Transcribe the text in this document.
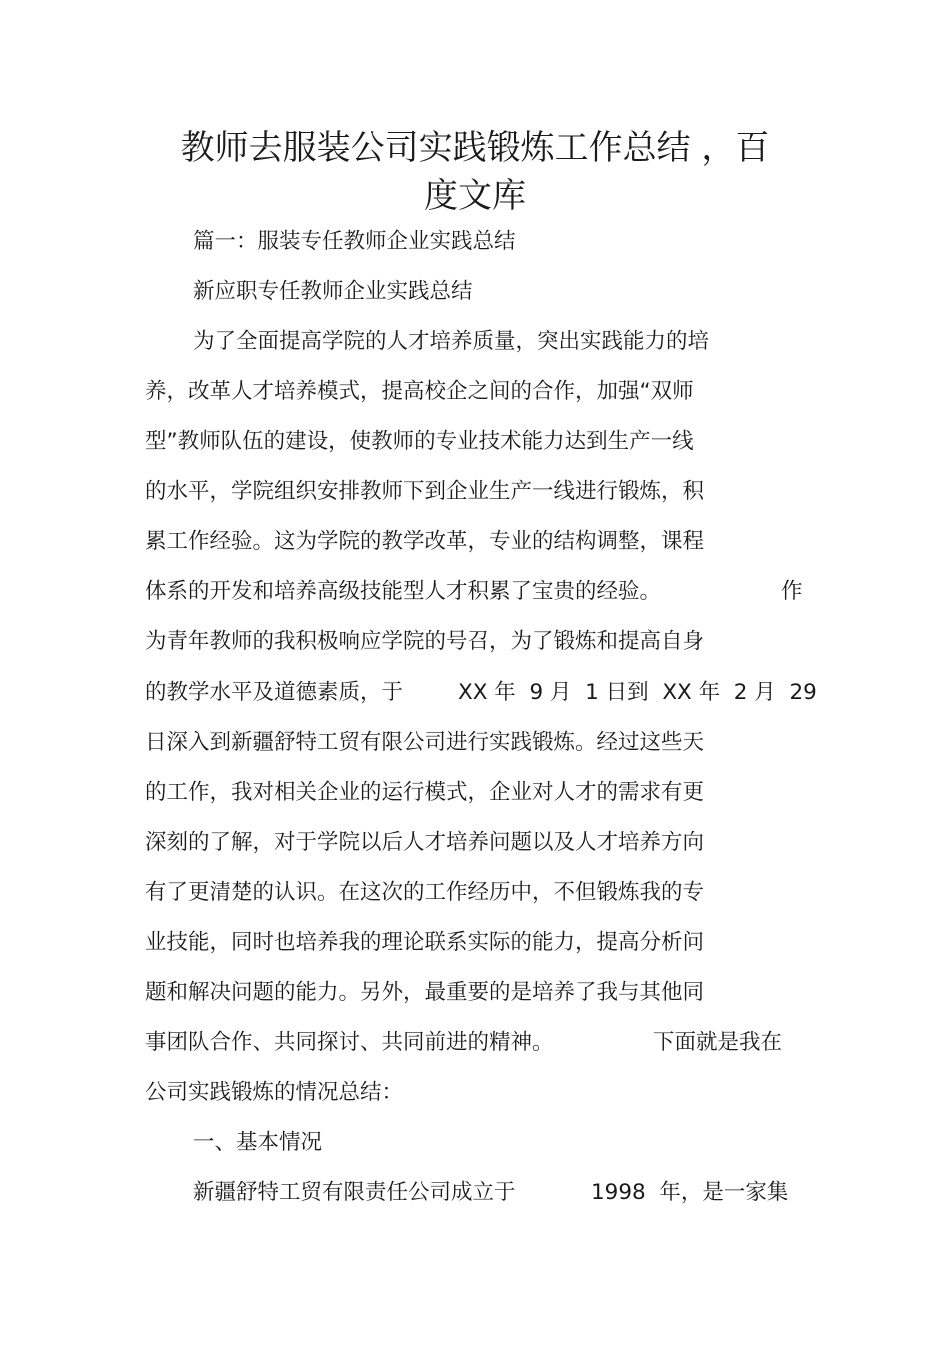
教师去服装公司实践锻炼工作总结 ，百
度文库

篇一：服装专任教师企业实践总结

新应职专任教师企业实践总结

为了全面提高学院的人才培养质量，突出实践能力的培

养，改革人才培养模式，提高校企之间的合作，加强“双师

型”教师队伍的建设，使教师的专业技术能力达到生产一线

的水平，学院组织安排教师下到企业生产一线进行锻炼，积

累工作经验。这为学院的教学改革，专业的结构调整，课程

体系的开发和培养高级技能型人才积累了宝贵的经验。	作

为青年教师的我积极响应学院的号召，为了锻炼和提高自身

的教学水平及道德素质，于	XX 年  9 月  1 日到  XX 年  2 月  29

日深入到新疆舒特工贸有限公司进行实践锻炼。经过这些天

的工作，我对相关企业的运行模式，企业对人才的需求有更

深刻的了解，对于学院以后人才培养问题以及人才培养方向

有了更清楚的认识。在这次的工作经历中，不但锻炼我的专

业技能，同时也培养我的理论联系实际的能力，提高分析问

题和解决问题的能力。另外，最重要的是培养了我与其他同

事团队合作、共同探讨、共同前进的精神。	下面就是我在

公司实践锻炼的情况总结：

一、基本情况

新疆舒特工贸有限责任公司成立于	1998  年，是一家集
